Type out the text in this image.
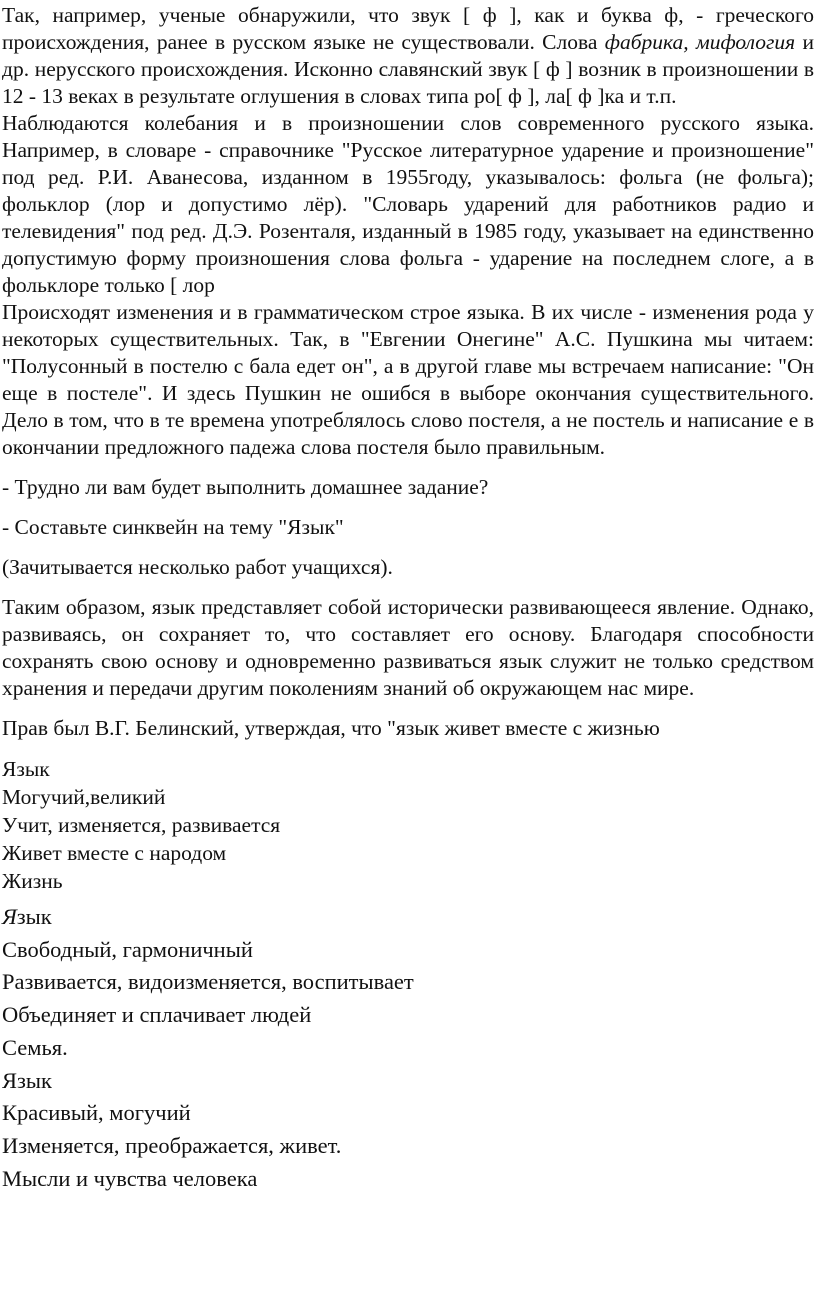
Так, например, ученые обнаружили, что звук [ ф ], как и буква ф, - греческого происхождения, ранее в русском языке не существовали. Слова фабрика, мифология и др. нерусского происхождения. Исконно славянский звук [ ф ] возник в произношении в 12 - 13 веках в результате оглушения в словах типа ро[ ф ], ла[ ф ]ка и т.п.

Наблюдаются колебания и в произношении слов современного русского языка. Например, в словаре - справочнике "Русское литературное ударение и произношение" под ред. Р.И. Аванесова, изданном в 1955году, указывалось: фольга (не фольга); фольклор (лор и допустимо лёр). "Словарь ударений для работников радио и телевидения" под ред. Д.Э. Розенталя, изданный в 1985 году, указывает на единственно допустимую форму произношения слова фольга - ударение на последнем слоге, а в фольклоре только [ лор

Происходят изменения и в грамматическом строе языка. В их числе - изменения рода у некоторых существительных. Так, в "Евгении Онегине" А.С. Пушкина мы читаем: "Полусонный в постелю с бала едет он", а в другой главе мы встречаем написание: "Он еще в постеле". И здесь Пушкин не ошибся в выборе окончания существительного. Дело в том, что в те времена употреблялось слово постеля, а не постель и написание е в окончании предложного падежа слова постеля было правильным.

- Трудно ли вам будет выполнить домашнее задание?

- Составьте синквейн на тему "Язык"

(Зачитывается несколько работ учащихся).

Таким образом, язык представляет собой исторически развивающееся явление. Однако, развиваясь, он сохраняет то, что составляет его основу. Благодаря способности сохранять свою основу и одновременно развиваться язык служит не только средством хранения и передачи другим поколениям знаний об окружающем нас мире.

Прав был В.Г. Белинский, утверждая, что "язык живет вместе с жизнью

Язык
Могучий,великий
Учит, изменяется, развивается
Живет вместе с народом
Жизнь
Язык
Свободный, гармоничный
Развивается, видоизменяется, воспитывает
Объединяет и сплачивает людей
Семья.
Язык
Красивый, могучий
Изменяется, преображается, живет.
Мысли и чувства человека
